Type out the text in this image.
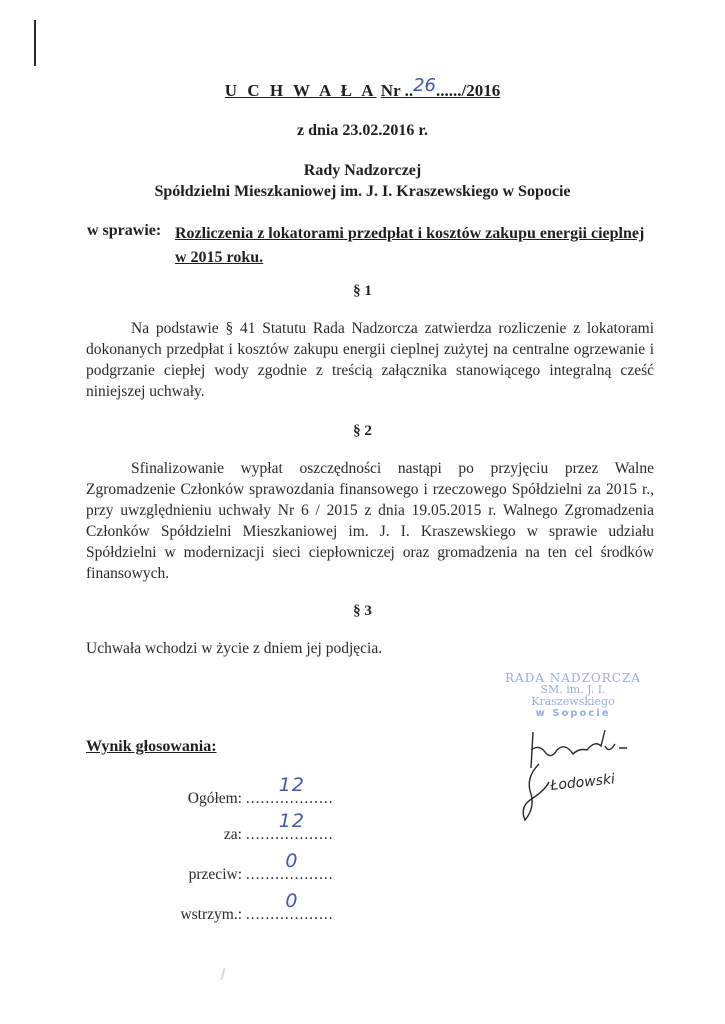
U C H W A Ł A Nr ..26....../2016
z dnia 23.02.2016 r.
Rady Nadzorczej
Spółdzielni Mieszkaniowej im. J. I. Kraszewskiego w Sopocie
w sprawie: Rozliczenia z lokatorami przedpłat i kosztów zakupu energii cieplnej w 2015 roku.
§ 1
Na podstawie § 41 Statutu Rada Nadzorcza zatwierdza rozliczenie z lokatorami dokonanych przedpłat i kosztów zakupu energii cieplnej zużytej na centralne ogrzewanie i podgrzanie ciepłej wody zgodnie z treścią załącznika stanowiącego integralną cześć niniejszej uchwały.
§ 2
Sfinalizowanie wypłat oszczędności nastąpi po przyjęciu przez Walne Zgromadzenie Członków sprawozdania finansowego i rzeczowego Spółdzielni za 2015 r., przy uwzględnieniu uchwały Nr 6 / 2015 z dnia 19.05.2015 r. Walnego Zgromadzenia Członków Spółdzielni Mieszkaniowej im. J. I. Kraszewskiego w sprawie udziału Spółdzielni w modernizacji sieci ciepłowniczej oraz gromadzenia na ten cel środków finansowych.
§ 3
Uchwała wchodzi w życie z dniem jej podjęcia.
RADA NADZORCZA
SM. im. J. I. Kraszewskiego
w Sopocie
Łodowski
Wynik głosowania:
Ogółem: ..................
12
za: ..................
12
przeciw: ..................
0
wstrzym.: ..................
0
